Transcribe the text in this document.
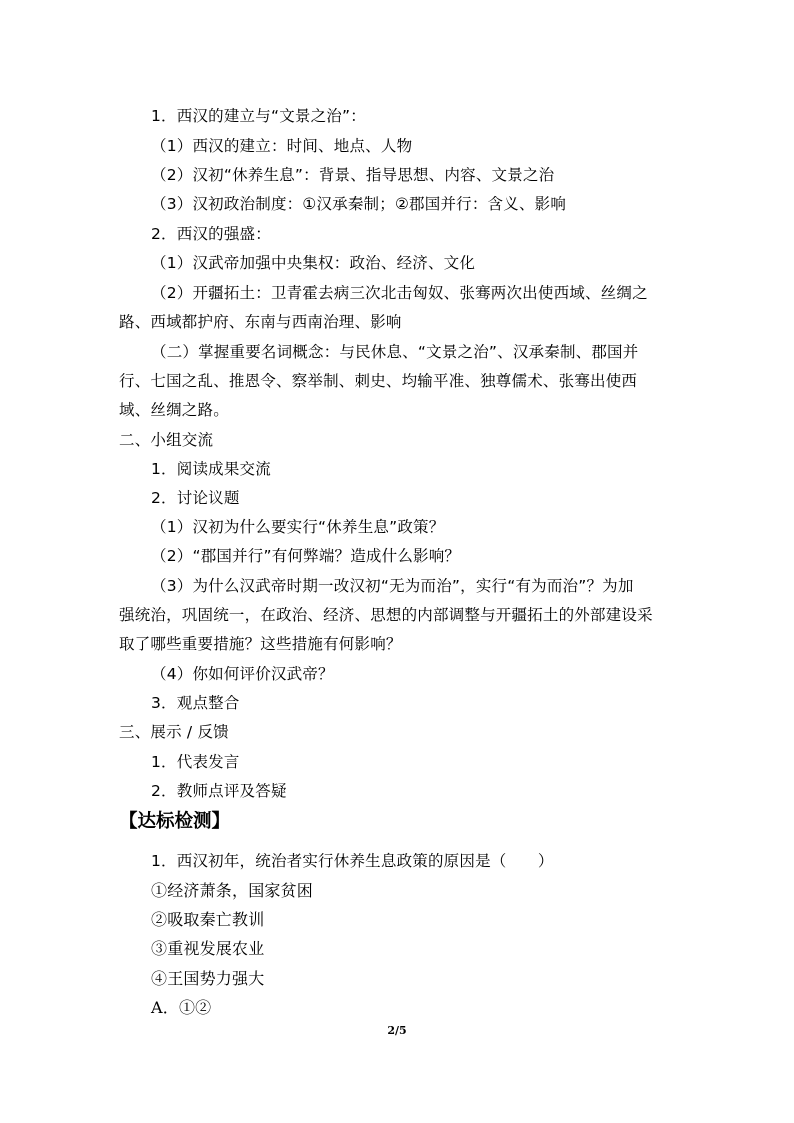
1．西汉的建立与“文景之治”：
（1）西汉的建立：时间、地点、人物
（2）汉初“休养生息”：背景、指导思想、内容、文景之治
（3）汉初政治制度：①汉承秦制；②郡国并行：含义、影响
2．西汉的强盛：
（1）汉武帝加强中央集权：政治、经济、文化
（2）开疆拓土：卫青霍去病三次北击匈奴、张骞两次出使西域、丝绸之
路、西域都护府、东南与西南治理、影响
（二）掌握重要名词概念：与民休息、“文景之治”、汉承秦制、郡国并
行、七国之乱、推恩令、察举制、刺史、均输平准、独尊儒术、张骞出使西
域、丝绸之路。
二、小组交流
1．阅读成果交流
2．讨论议题
（1）汉初为什么要实行“休养生息”政策？
（2）“郡国并行”有何弊端？造成什么影响？
（3）为什么汉武帝时期一改汉初“无为而治”，实行“有为而治”？为加
强统治，巩固统一，在政治、经济、思想的内部调整与开疆拓土的外部建设采
取了哪些重要措施？这些措施有何影响？
（4）你如何评价汉武帝？
3．观点整合
三、展示 / 反馈
1．代表发言
2．教师点评及答疑
【达标检测】
1．西汉初年，统治者实行休养生息政策的原因是（　　）
①经济萧条，国家贫困
②吸取秦亡教训
③重视发展农业
④王国势力强大
A．①②
2/5
